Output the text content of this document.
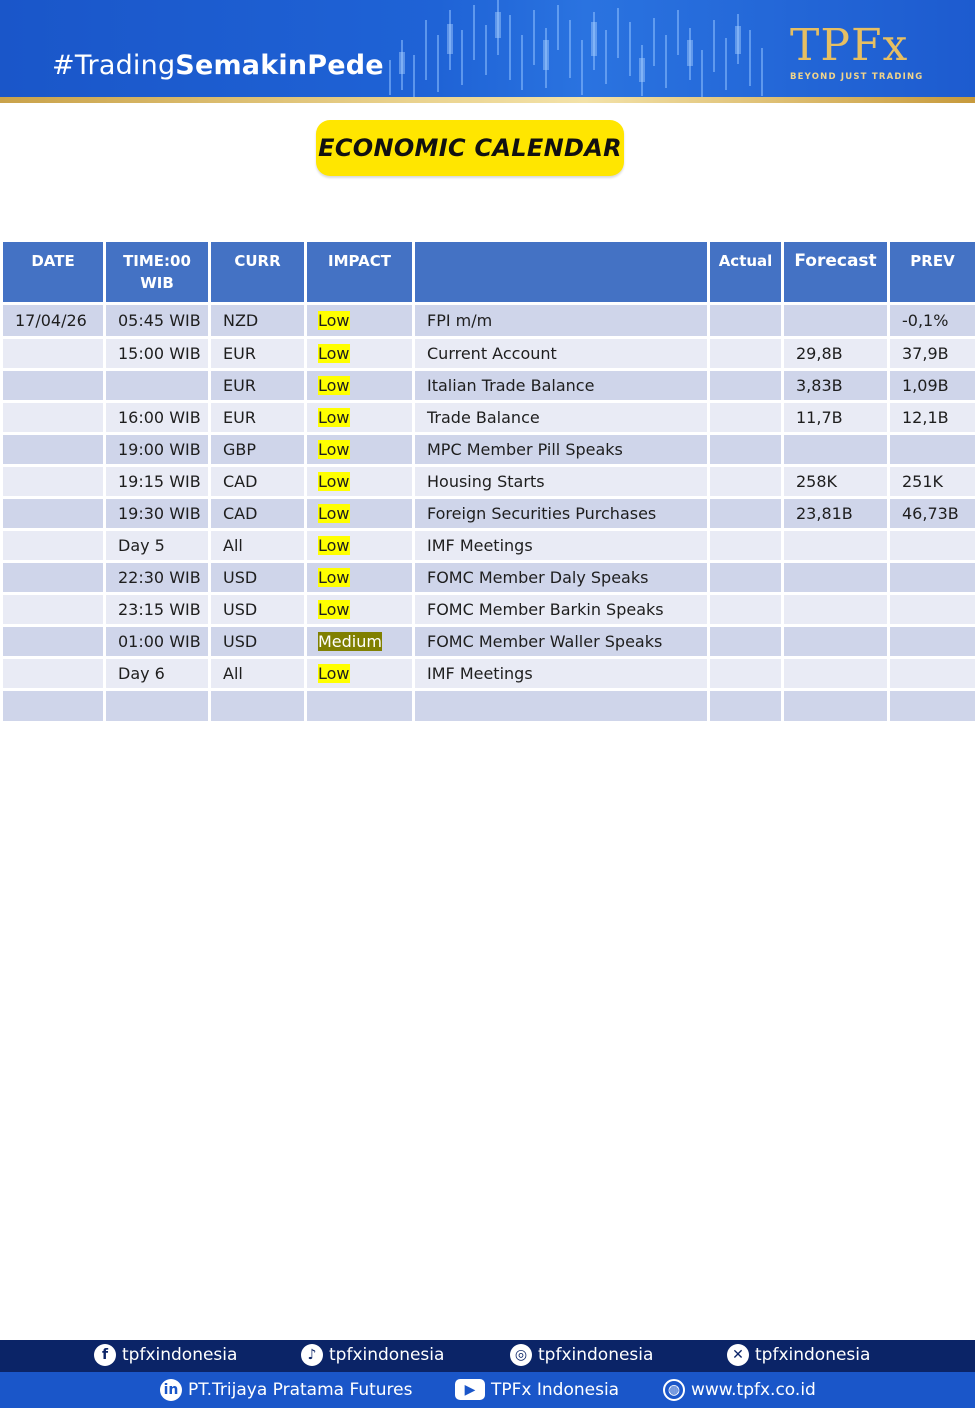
#TradingSemakinPede	TPFx
BEYOND JUST TRADING
ECONOMIC CALENDAR
DATE	TIME:00 WIB	CURR	IMPACT		Actual	Forecast	PREV
17/04/26	05:45 WIB	NZD	Low	FPI m/m			-0,1%
	15:00 WIB	EUR	Low	Current Account		29,8B	37,9B
		EUR	Low	Italian Trade Balance		3,83B	1,09B
	16:00 WIB	EUR	Low	Trade Balance		11,7B	12,1B
	19:00 WIB	GBP	Low	MPC Member Pill Speaks			
	19:15 WIB	CAD	Low	Housing Starts		258K	251K
	19:30 WIB	CAD	Low	Foreign Securities Purchases		23,81B	46,73B
	Day 5	All	Low	IMF Meetings			
	22:30 WIB	USD	Low	FOMC Member Daly Speaks			
	23:15 WIB	USD	Low	FOMC Member Barkin Speaks			
	01:00 WIB	USD	Medium	FOMC Member Waller Speaks			
	Day 6	All	Low	IMF Meetings			

f tpfxindonesia	♪ tpfxindonesia	◎ tpfxindonesia	✕ tpfxindonesia
in PT.Trijaya Pratama Futures	▶ TPFx Indonesia	◍ www.tpfx.co.id
